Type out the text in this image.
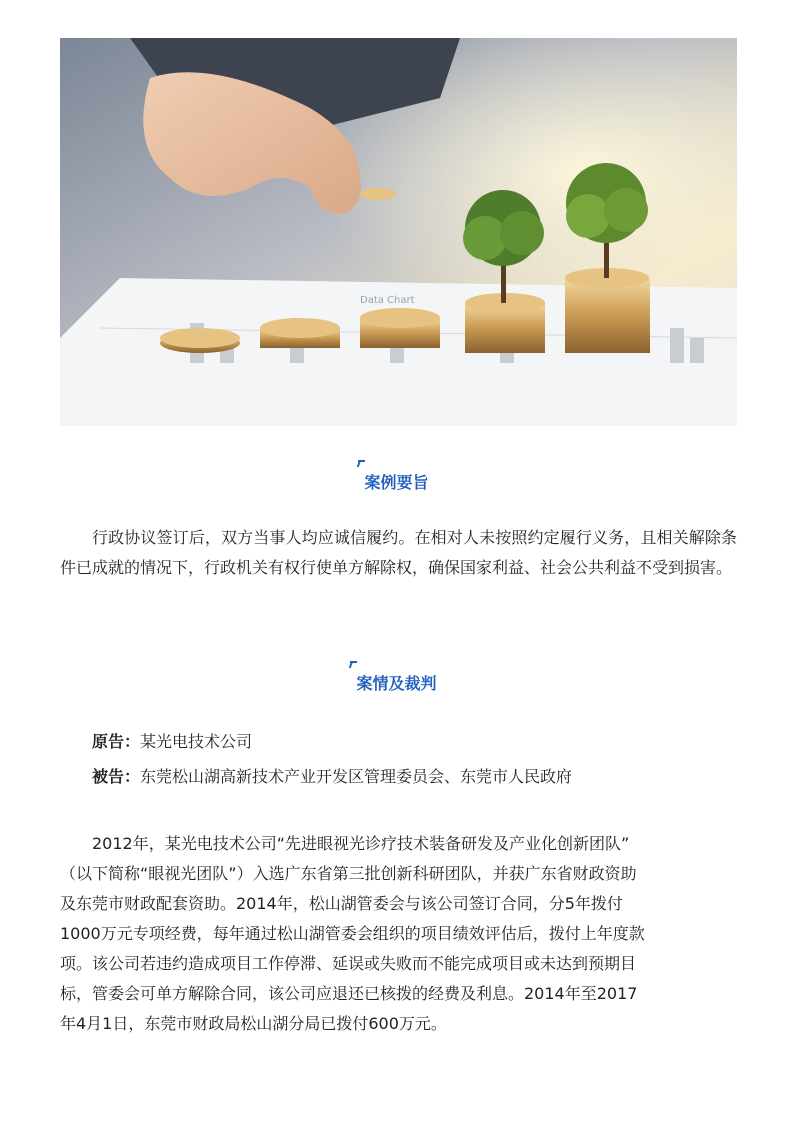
Data Chart
案例要旨

行政协议签订后，双方当事人均应诚信履约。在相对人未按照约定履行义务，且相关解除条件已成就的情况下，行政机关有权行使单方解除权，确保国家利益、社会公共利益不受到损害。

案情及裁判
原告：某光电技术公司
被告：东莞松山湖高新技术产业开发区管理委员会、东莞市人民政府
2012年，某光电技术公司“先进眼视光诊疗技术装备研发及产业化创新团队”
（以下简称“眼视光团队”）入选广东省第三批创新科研团队，并获广东省财政资助
及东莞市财政配套资助。2014年，松山湖管委会与该公司签订合同，分5年拨付
1000万元专项经费，每年通过松山湖管委会组织的项目绩效评估后，拨付上年度款
项。该公司若违约造成项目工作停滞、延误或失败而不能完成项目或未达到预期目
标，管委会可单方解除合同，该公司应退还已核拨的经费及利息。2014年至2017
年4月1日，东莞市财政局松山湖分局已拨付600万元。
